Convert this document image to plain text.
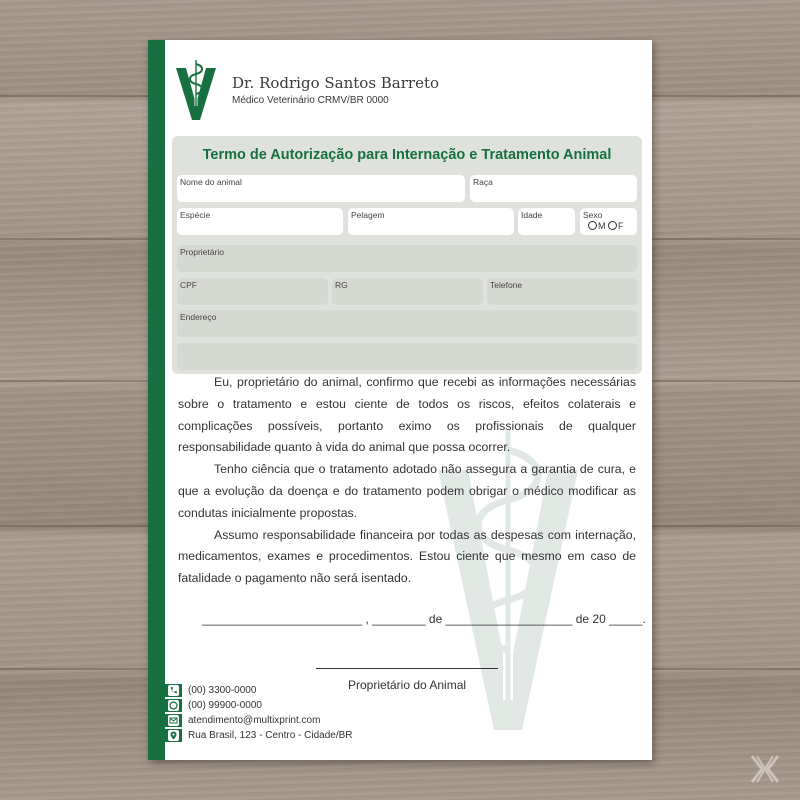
Dr. Rodrigo Santos Barreto
Médico Veterinário CRMV/BR 0000
Termo de Autorização para Internação e Tratamento Animal
Nome do animal	Raça
Espécie	Pelagem	Idade	Sexo
M F
Proprietário
CPF	RG	Telefone
Endereço

Eu, proprietário do animal, confirmo que recebi as informações necessárias sobre o tratamento e estou ciente de todos os riscos, efeitos colaterais e complicações possíveis, portanto eximo os profissionais de qualquer responsabilidade quanto à vida do animal que possa ocorrer.

Tenho ciência que o tratamento adotado não assegura a garantia de cura, e que a evolução da doença e do tratamento podem obrigar o médico modificar as condutas inicialmente propostas.

Assumo responsabilidade financeira por todas as despesas com internação, medicamentos, exames e procedimentos. Estou ciente que mesmo em caso de fatalidade o pagamento não será isentado.

________________________ , ________ de ___________________ de 20 _____.
Proprietário do Animal
(00) 3300-0000
(00) 99900-0000
atendimento@multixprint.com
Rua Brasil, 123 - Centro - Cidade/BR
